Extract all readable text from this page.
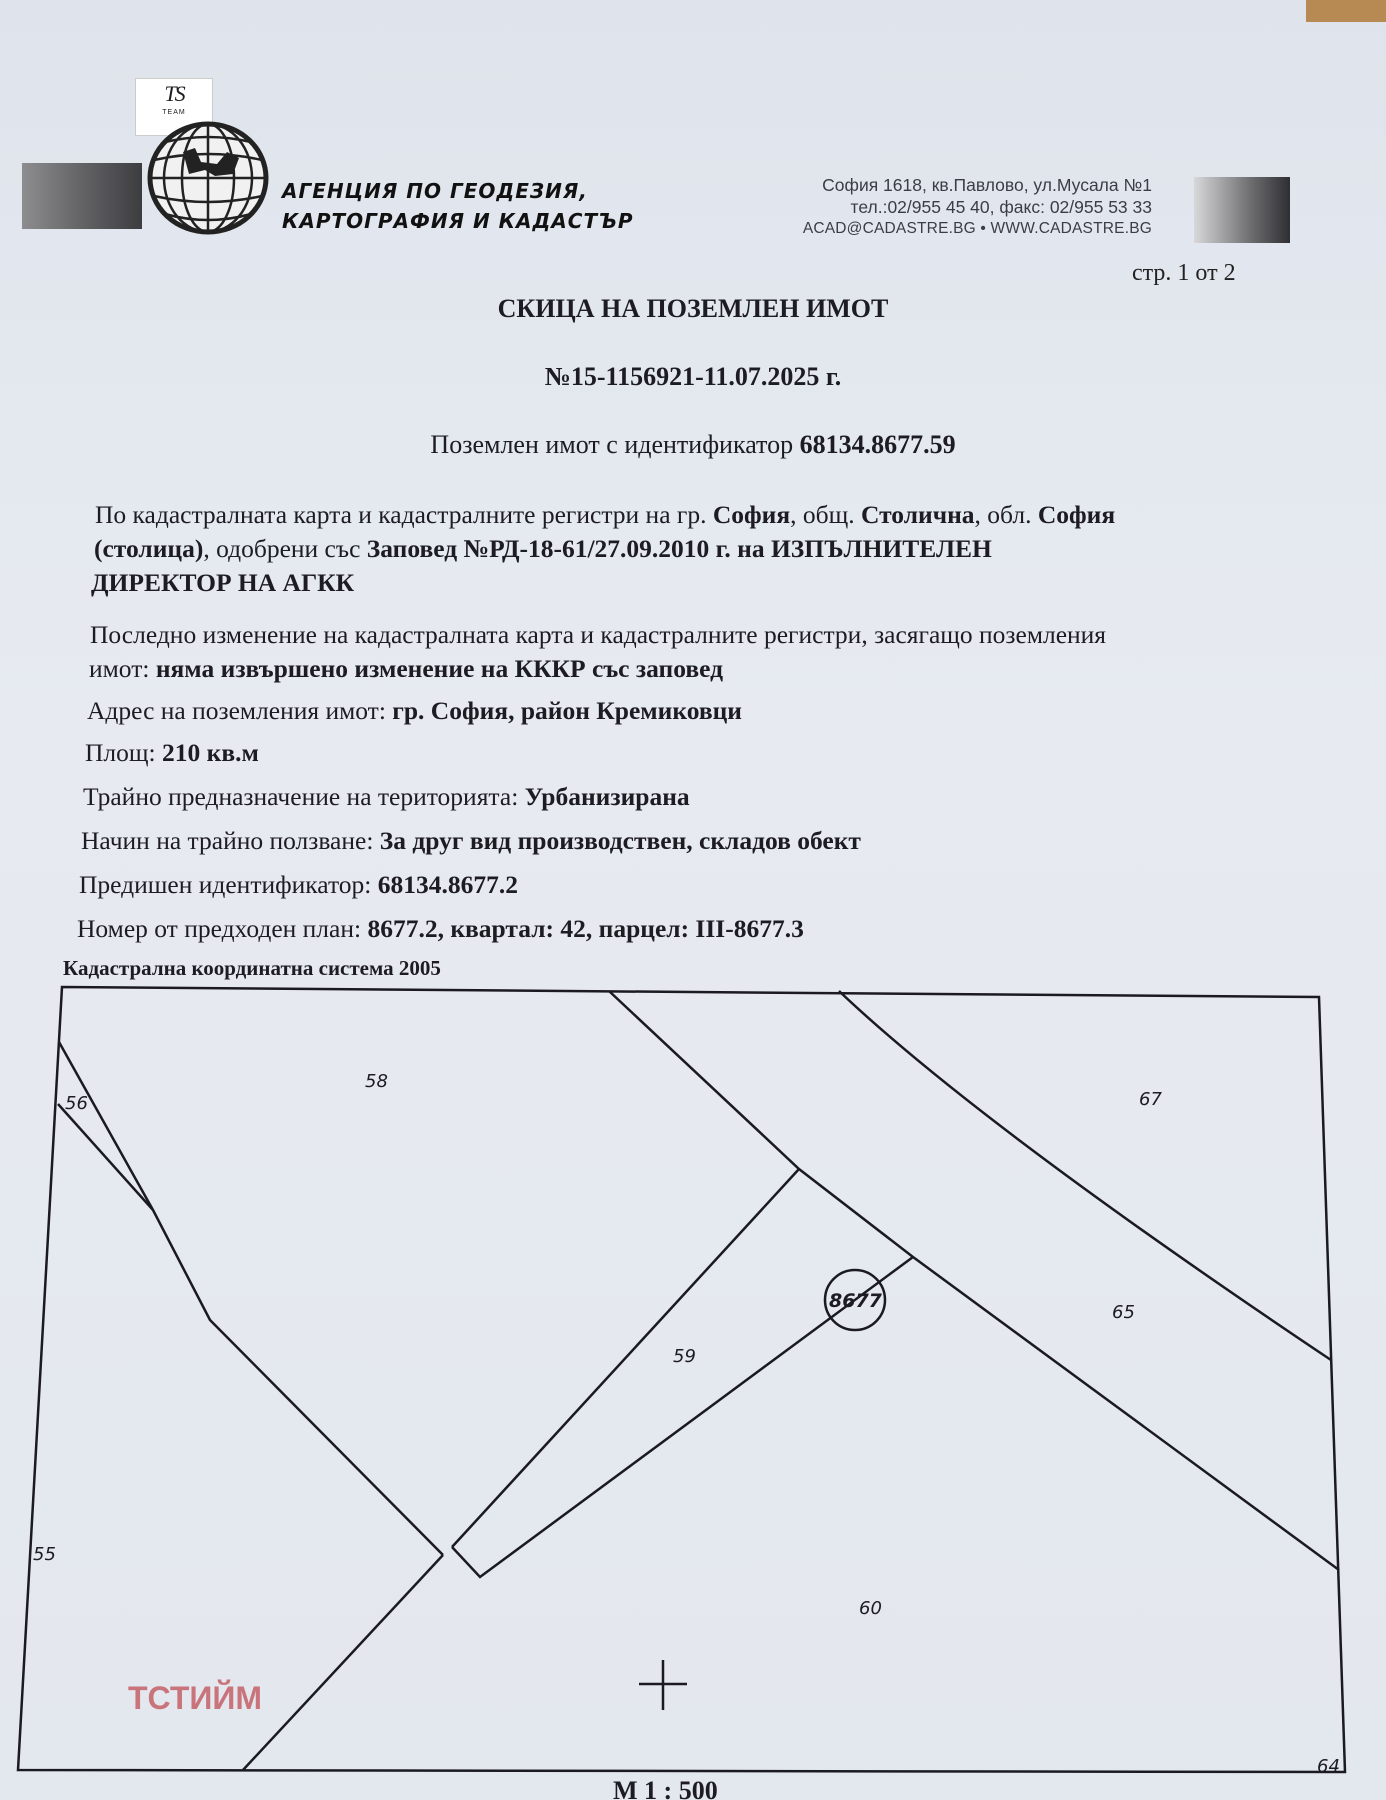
TS
TEAM
АГЕНЦИЯ ПО ГЕОДЕЗИЯ,
КАРТОГРАФИЯ И КАДАСТЪР
София 1618, кв.Павлово, ул.Мусала №1
тел.:02/955 45 40, факс: 02/955 53 33
ACAD@CADASTRE.BG • WWW.CADASTRE.BG
стр. 1 от 2
СКИЦА НА ПОЗЕМЛЕН ИМОТ
№15-1156921-11.07.2025 г.
Поземлен имот с идентификатор 68134.8677.59
По кадастралната карта и кадастралните регистри на гр. София, общ. Столична, обл. София
(столица), одобрени със Заповед №РД-18-61/27.09.2010 г. на ИЗПЪЛНИТЕЛЕН
ДИРЕКТОР НА АГКК
Последно изменение на кадастралната карта и кадастралните регистри, засягащо поземления
имот: няма извършено изменение на КККР със заповед
Адрес на поземления имот: гр. София, район Кремиковци
Площ: 210 кв.м
Трайно предназначение на територията: Урбанизирана
Начин на трайно ползване: За друг вид производствен, складов обект
Предишен идентификатор: 68134.8677.2
Номер от предходен план: 8677.2, квартал: 42, парцел: III-8677.3
Кадастрална координатна система 2005
58
56	67
8677
65
59
55
60
64
ТСТИЙМ
М 1 : 500
